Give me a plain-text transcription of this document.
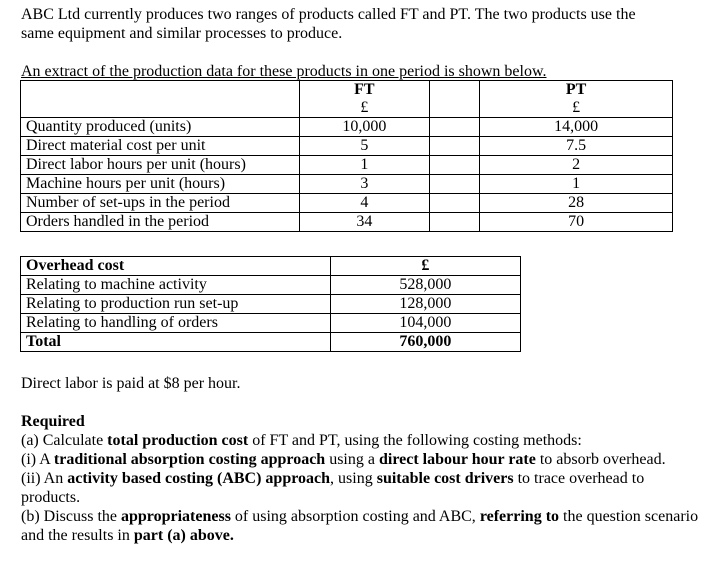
ABC Ltd currently produces two ranges of products called FT and PT. The two products use the same equipment and similar processes to produce.

An extract of the production data for these products in one period is shown below.

	FT		PT
	£		£
Quantity produced (units)	10,000		14,000
Direct material cost per unit	5		7.5
Direct labor hours per unit (hours)	1		2
Machine hours per unit (hours)	3		1
Number of set-ups in the period	4		28
Orders handled in the period	34		70
Overhead cost	£
Relating to machine activity	528,000
Relating to production run set-up	128,000
Relating to handling of orders	104,000
Total	760,000

Direct labor is paid at $8 per hour.

Required

(a) Calculate total production cost of FT and PT, using the following costing methods:

(i) A traditional absorption costing approach using a direct labour hour rate to absorb overhead.

(ii) An activity based costing (ABC) approach, using suitable cost drivers to trace overhead to products.

(b) Discuss the appropriateness of using absorption costing and ABC, referring to the question scenario and the results in part (a) above.
